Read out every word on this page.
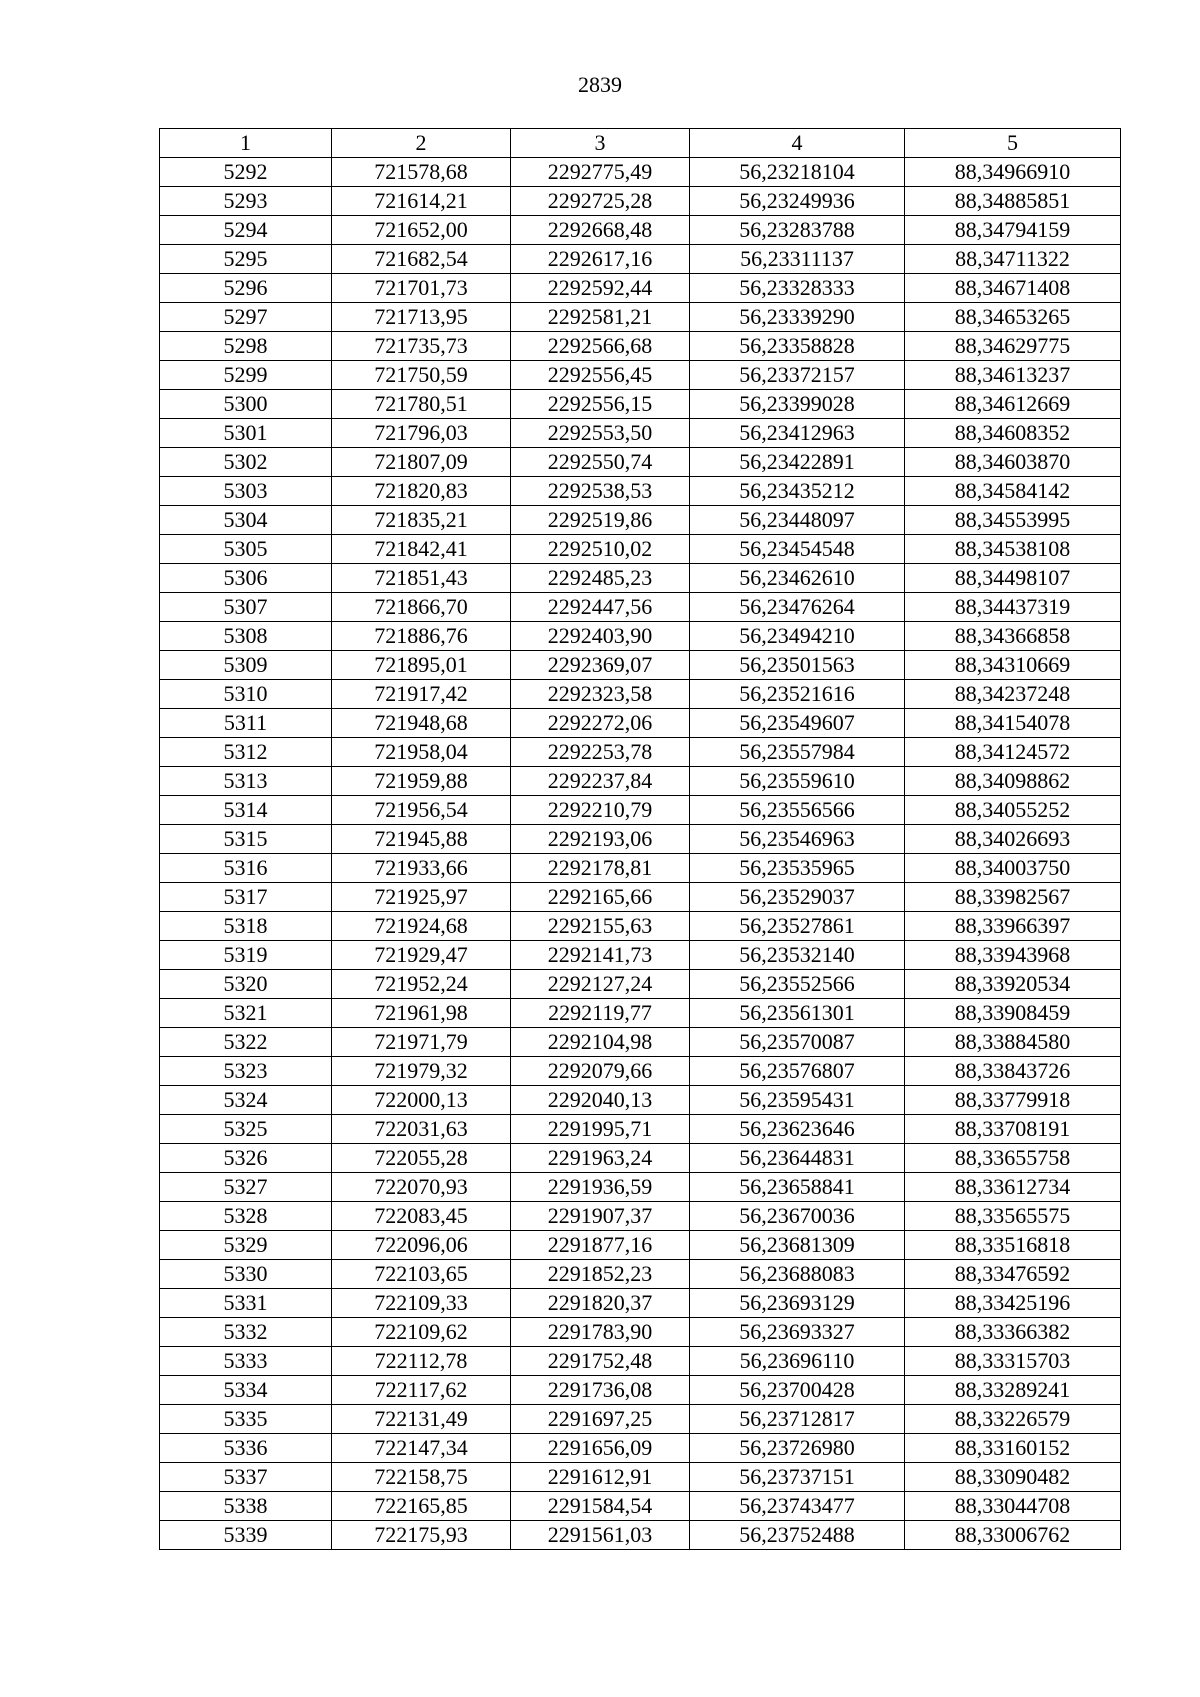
2839
1	2	3	4	5
5292	721578,68	2292775,49	56,23218104	88,34966910
5293	721614,21	2292725,28	56,23249936	88,34885851
5294	721652,00	2292668,48	56,23283788	88,34794159
5295	721682,54	2292617,16	56,23311137	88,34711322
5296	721701,73	2292592,44	56,23328333	88,34671408
5297	721713,95	2292581,21	56,23339290	88,34653265
5298	721735,73	2292566,68	56,23358828	88,34629775
5299	721750,59	2292556,45	56,23372157	88,34613237
5300	721780,51	2292556,15	56,23399028	88,34612669
5301	721796,03	2292553,50	56,23412963	88,34608352
5302	721807,09	2292550,74	56,23422891	88,34603870
5303	721820,83	2292538,53	56,23435212	88,34584142
5304	721835,21	2292519,86	56,23448097	88,34553995
5305	721842,41	2292510,02	56,23454548	88,34538108
5306	721851,43	2292485,23	56,23462610	88,34498107
5307	721866,70	2292447,56	56,23476264	88,34437319
5308	721886,76	2292403,90	56,23494210	88,34366858
5309	721895,01	2292369,07	56,23501563	88,34310669
5310	721917,42	2292323,58	56,23521616	88,34237248
5311	721948,68	2292272,06	56,23549607	88,34154078
5312	721958,04	2292253,78	56,23557984	88,34124572
5313	721959,88	2292237,84	56,23559610	88,34098862
5314	721956,54	2292210,79	56,23556566	88,34055252
5315	721945,88	2292193,06	56,23546963	88,34026693
5316	721933,66	2292178,81	56,23535965	88,34003750
5317	721925,97	2292165,66	56,23529037	88,33982567
5318	721924,68	2292155,63	56,23527861	88,33966397
5319	721929,47	2292141,73	56,23532140	88,33943968
5320	721952,24	2292127,24	56,23552566	88,33920534
5321	721961,98	2292119,77	56,23561301	88,33908459
5322	721971,79	2292104,98	56,23570087	88,33884580
5323	721979,32	2292079,66	56,23576807	88,33843726
5324	722000,13	2292040,13	56,23595431	88,33779918
5325	722031,63	2291995,71	56,23623646	88,33708191
5326	722055,28	2291963,24	56,23644831	88,33655758
5327	722070,93	2291936,59	56,23658841	88,33612734
5328	722083,45	2291907,37	56,23670036	88,33565575
5329	722096,06	2291877,16	56,23681309	88,33516818
5330	722103,65	2291852,23	56,23688083	88,33476592
5331	722109,33	2291820,37	56,23693129	88,33425196
5332	722109,62	2291783,90	56,23693327	88,33366382
5333	722112,78	2291752,48	56,23696110	88,33315703
5334	722117,62	2291736,08	56,23700428	88,33289241
5335	722131,49	2291697,25	56,23712817	88,33226579
5336	722147,34	2291656,09	56,23726980	88,33160152
5337	722158,75	2291612,91	56,23737151	88,33090482
5338	722165,85	2291584,54	56,23743477	88,33044708
5339	722175,93	2291561,03	56,23752488	88,33006762
